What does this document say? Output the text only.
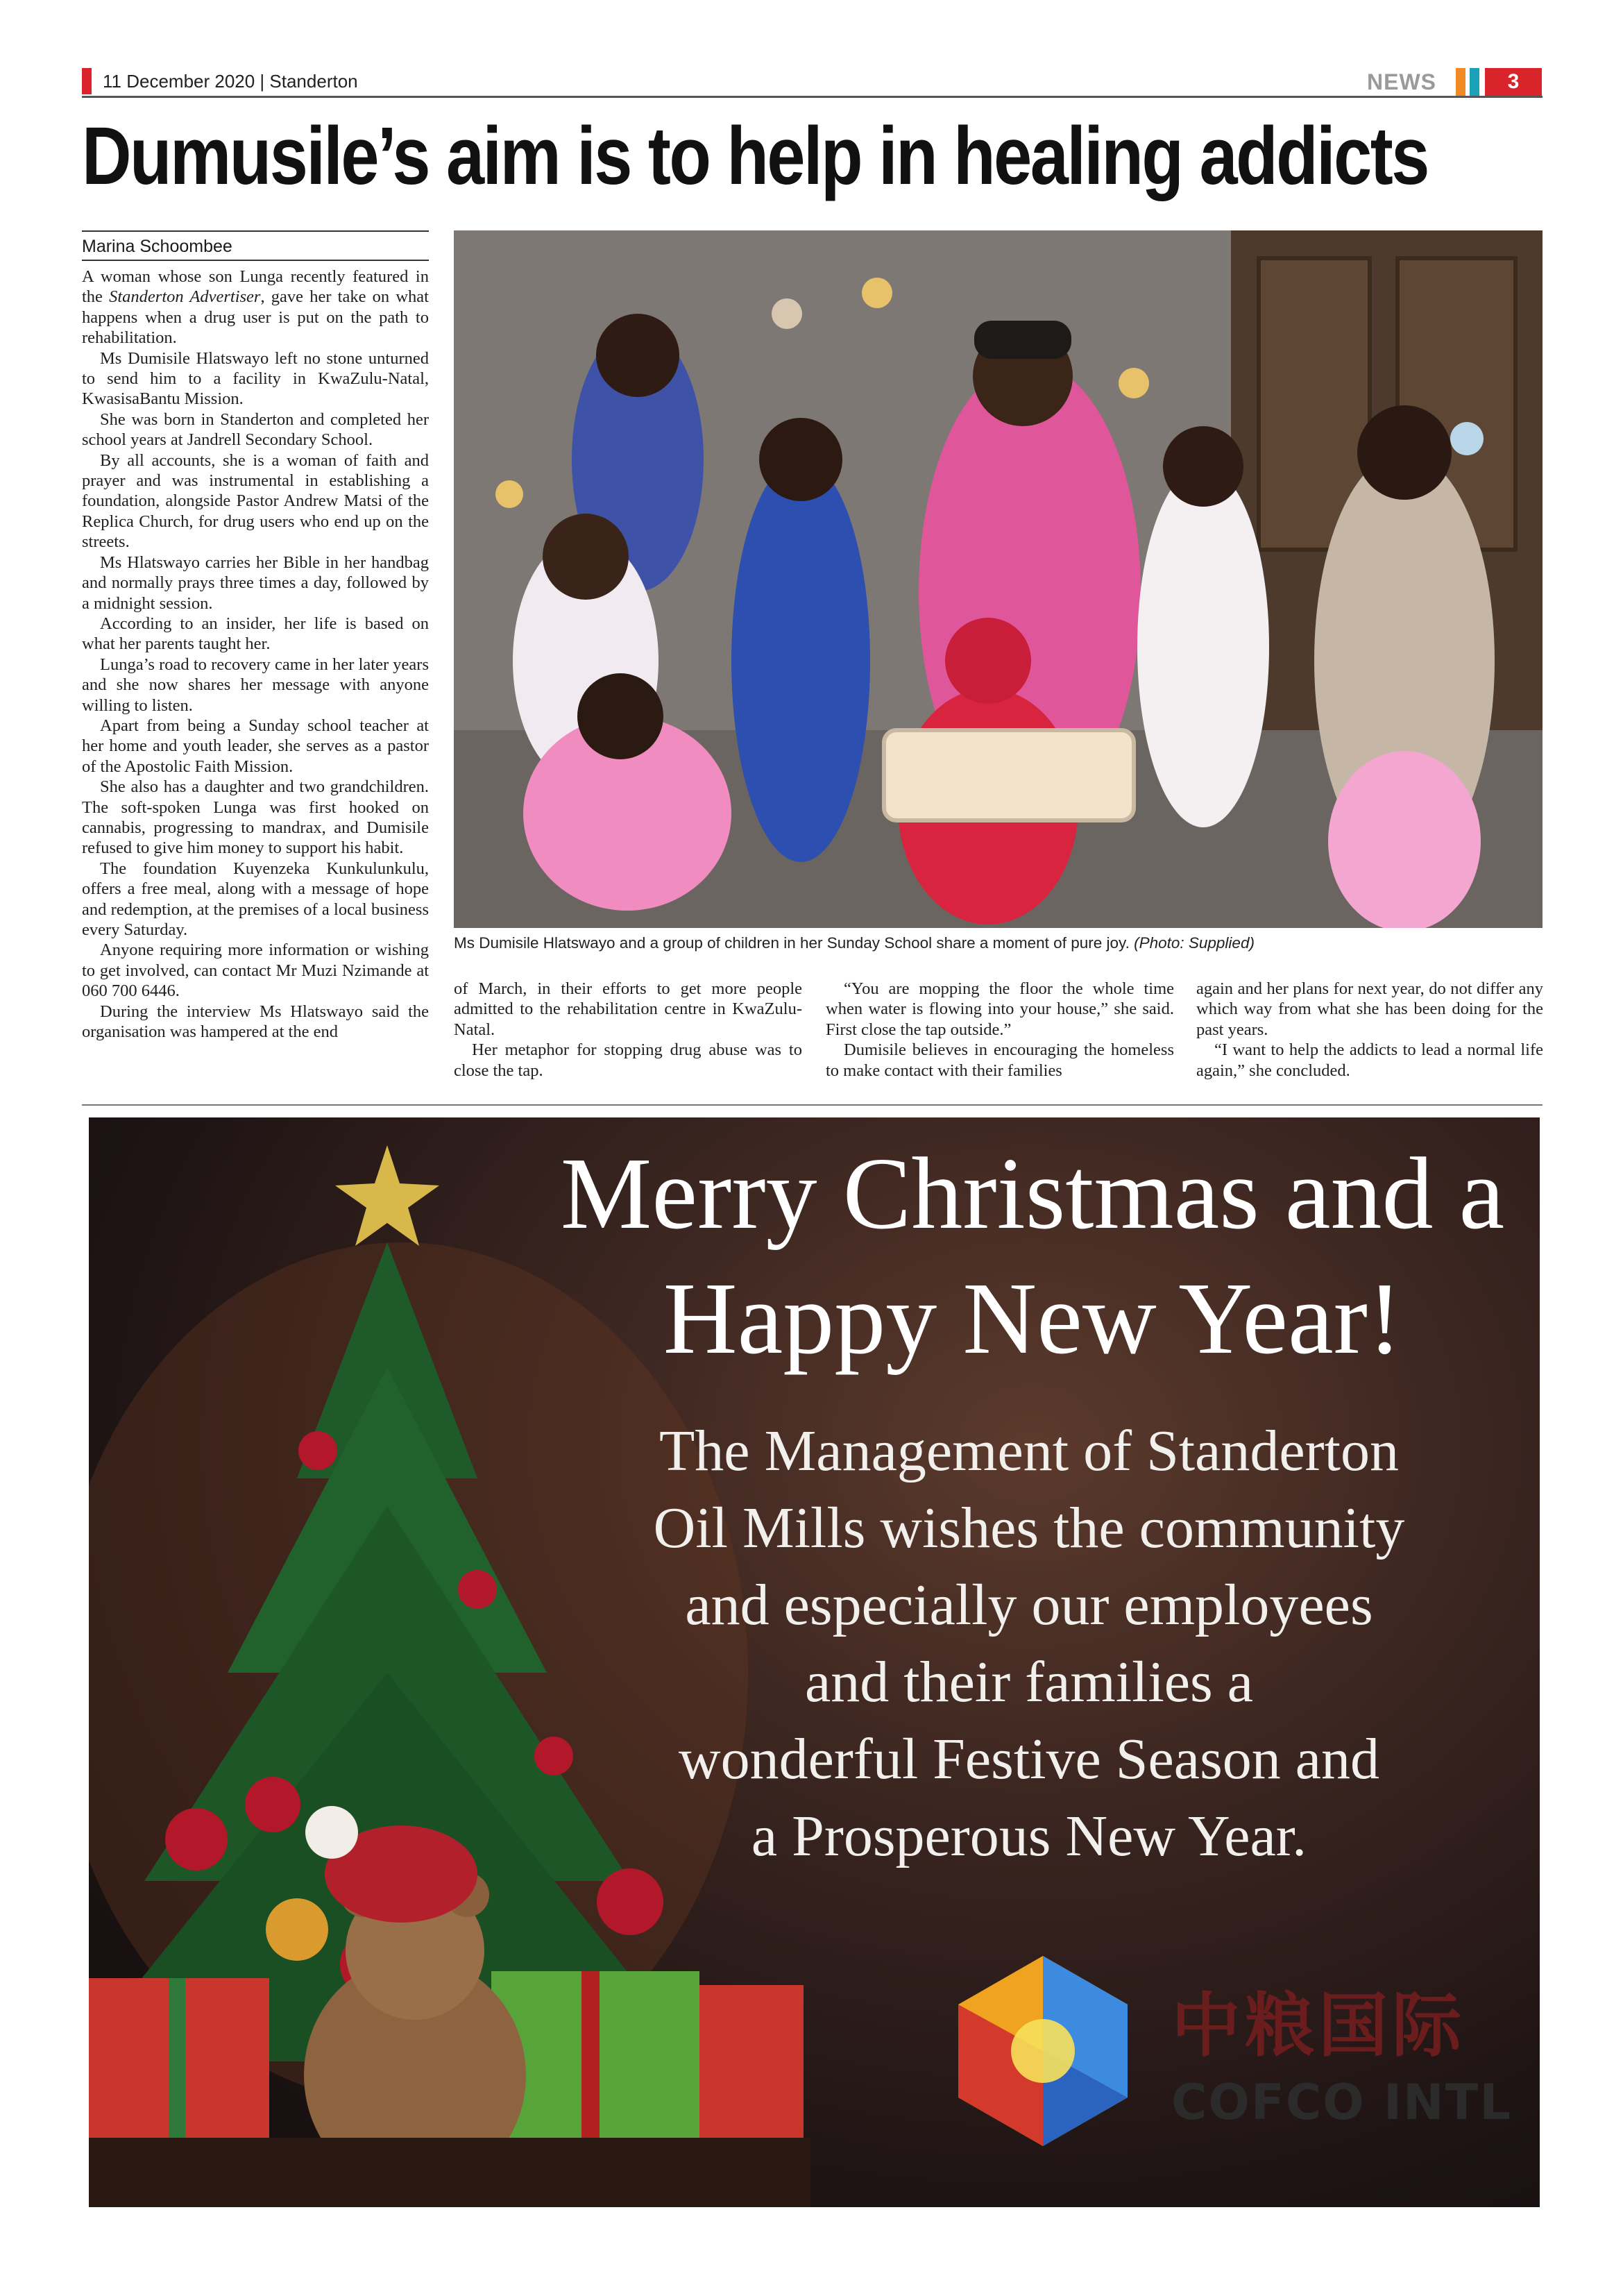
11 December 2020 | Standerton	NEWS	3
Dumusile’s aim is to help in healing addicts
Marina Schoombee

A woman whose son Lunga recently featured in the Standerton Advertiser, gave her take on what happens when a drug user is put on the path to rehabilitation.

Ms Dumisile Hlatswayo left no stone unturned to send him to a facility in KwaZulu-Natal, KwasisaBantu Mission.

She was born in Standerton and completed her school years at Jandrell Secondary School.

By all accounts, she is a woman of faith and prayer and was instrumental in establishing a foundation, alongside Pastor Andrew Matsi of the Replica Church, for drug users who end up on the streets.

Ms Hlatswayo carries her Bible in her handbag and normally prays three times a day, followed by a midnight session.

According to an insider, her life is based on what her parents taught her.

Lunga’s road to recovery came in her later years and she now shares her message with anyone willing to listen.

Apart from being a Sunday school teacher at her home and youth leader, she serves as a pastor of the Apostolic Faith Mission.

She also has a daughter and two grandchildren. The soft-spoken Lunga was first hooked on cannabis, progressing to mandrax, and Dumisile refused to give him money to support his habit.

The foundation Kuyenzeka Kunkulunkulu, offers a free meal, along with a message of hope and redemption, at the premises of a local business every Saturday.

Anyone requiring more information or wishing to get involved, can contact Mr Muzi Nzimande at 060 700 6446.

During the interview Ms Hlatswayo said the organisation was hampered at the end

Ms Dumisile Hlatswayo and a group of children in her Sunday School share a moment of pure joy. (Photo: Supplied)

of March, in their efforts to get more people admitted to the rehabilitation centre in KwaZulu-Natal.

Her metaphor for stopping drug abuse was to close the tap.

“You are mopping the floor the whole time when water is flowing into your house,” she said. First close the tap outside.”

Dumisile believes in encouraging the homeless to make contact with their families

again and her plans for next year, do not differ any which way from what she has been doing for the past years.

“I want to help the addicts to lead a normal life again,” she concluded.

Merry Christmas and a
Happy New Year!
The Management of Standerton
Oil Mills wishes the community
and especially our employees
and their families a
wonderful Festive Season and
a Prosperous New Year.
中粮国际
COFCO INTL
